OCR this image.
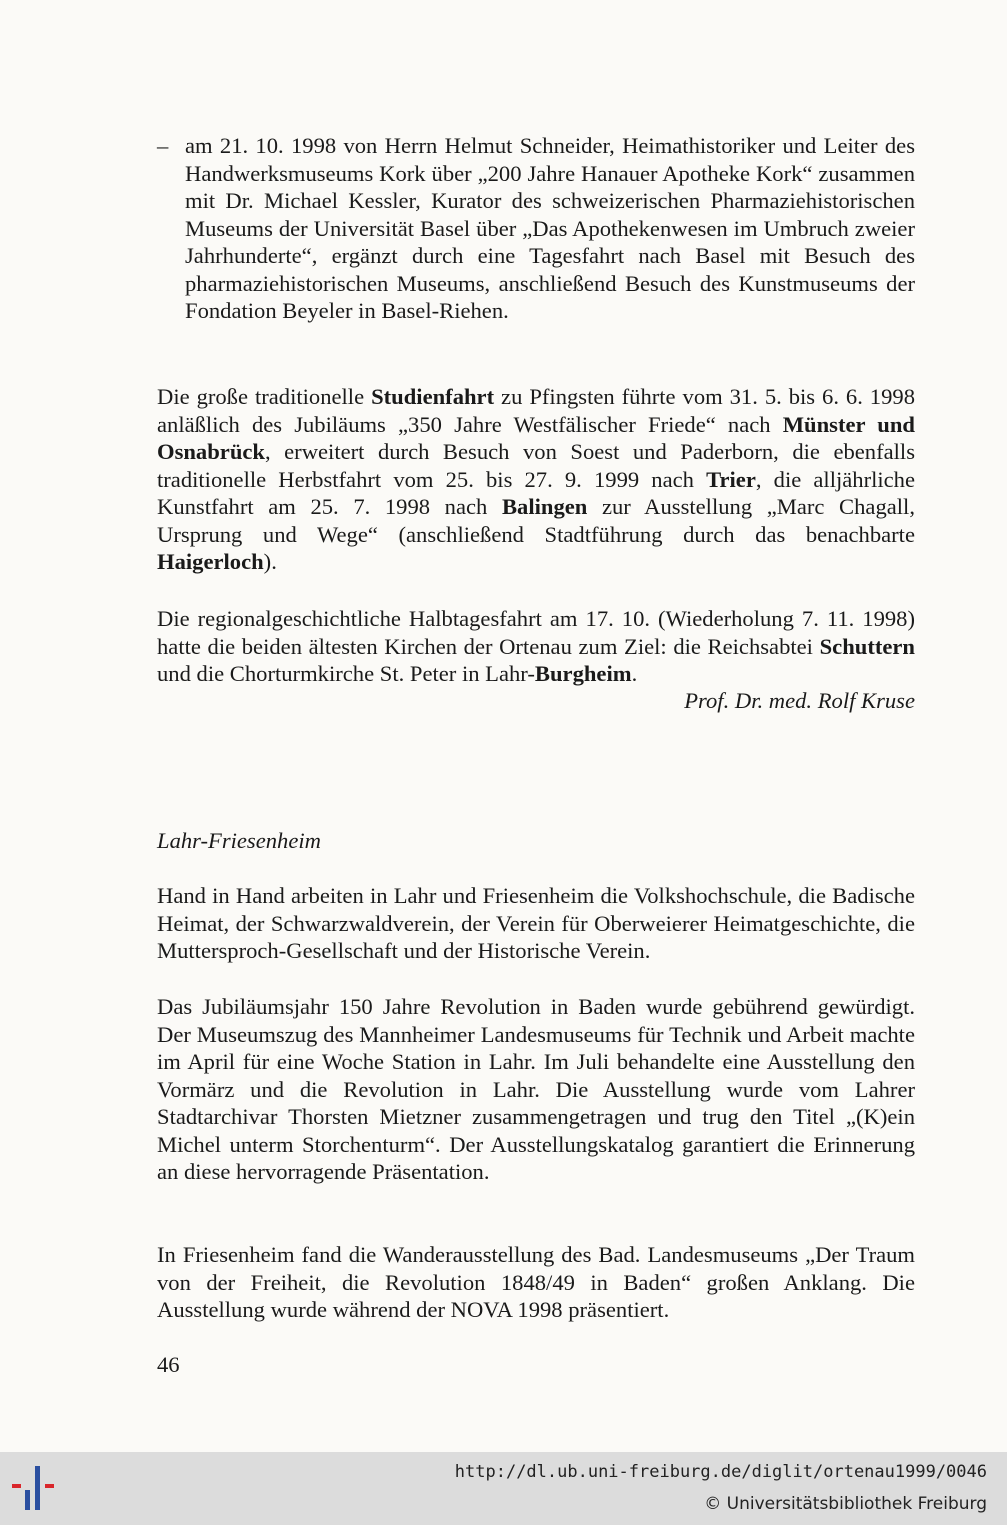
– am 21. 10. 1998 von Herrn Helmut Schneider, Heimathistoriker und Leiter des Handwerksmuseums Kork über „200 Jahre Hanauer Apotheke Kork“ zusammen mit Dr. Michael Kessler, Kurator des schweizerischen Pharmaziehistorischen Museums der Universität Basel über „Das Apothekenwesen im Umbruch zweier Jahrhunderte“, ergänzt durch eine Tagesfahrt nach Basel mit Besuch des pharmaziehistorischen Museums, anschließend Besuch des Kunstmuseums der Fondation Beyeler in Basel-Riehen.

Die große traditionelle Studienfahrt zu Pfingsten führte vom 31. 5. bis 6. 6. 1998 anläßlich des Jubiläums „350 Jahre Westfälischer Friede“ nach Münster und Osnabrück, erweitert durch Besuch von Soest und Paderborn, die ebenfalls traditionelle Herbstfahrt vom 25. bis 27. 9. 1999 nach Trier, die alljährliche Kunstfahrt am 25. 7. 1998 nach Balingen zur Ausstellung „Marc Chagall, Ursprung und Wege“ (anschließend Stadtführung durch das benachbarte Haigerloch).

Die regionalgeschichtliche Halbtagesfahrt am 17. 10. (Wiederholung 7. 11. 1998) hatte die beiden ältesten Kirchen der Ortenau zum Ziel: die Reichsabtei Schuttern und die Chorturmkirche St. Peter in Lahr-Burgheim.

Prof. Dr. med. Rolf Kruse
Lahr-Friesenheim

Hand in Hand arbeiten in Lahr und Friesenheim die Volkshochschule, die Badische Heimat, der Schwarzwaldverein, der Verein für Oberweierer Heimatgeschichte, die Muttersproch-Gesellschaft und der Historische Verein.

Das Jubiläumsjahr 150 Jahre Revolution in Baden wurde gebührend gewürdigt. Der Museumszug des Mannheimer Landesmuseums für Technik und Arbeit machte im April für eine Woche Station in Lahr. Im Juli behandelte eine Ausstellung den Vormärz und die Revolution in Lahr. Die Ausstellung wurde vom Lahrer Stadtarchivar Thorsten Mietzner zusammengetragen und trug den Titel „(K)ein Michel unterm Storchenturm“. Der Ausstellungskatalog garantiert die Erinnerung an diese hervorragende Präsentation.

In Friesenheim fand die Wanderausstellung des Bad. Landesmuseums „Der Traum von der Freiheit, die Revolution 1848/49 in Baden“ großen Anklang. Die Ausstellung wurde während der NOVA 1998 präsentiert.

46
http://dl.ub.uni-freiburg.de/diglit/ortenau1999/0046
© Universitätsbibliothek Freiburg
